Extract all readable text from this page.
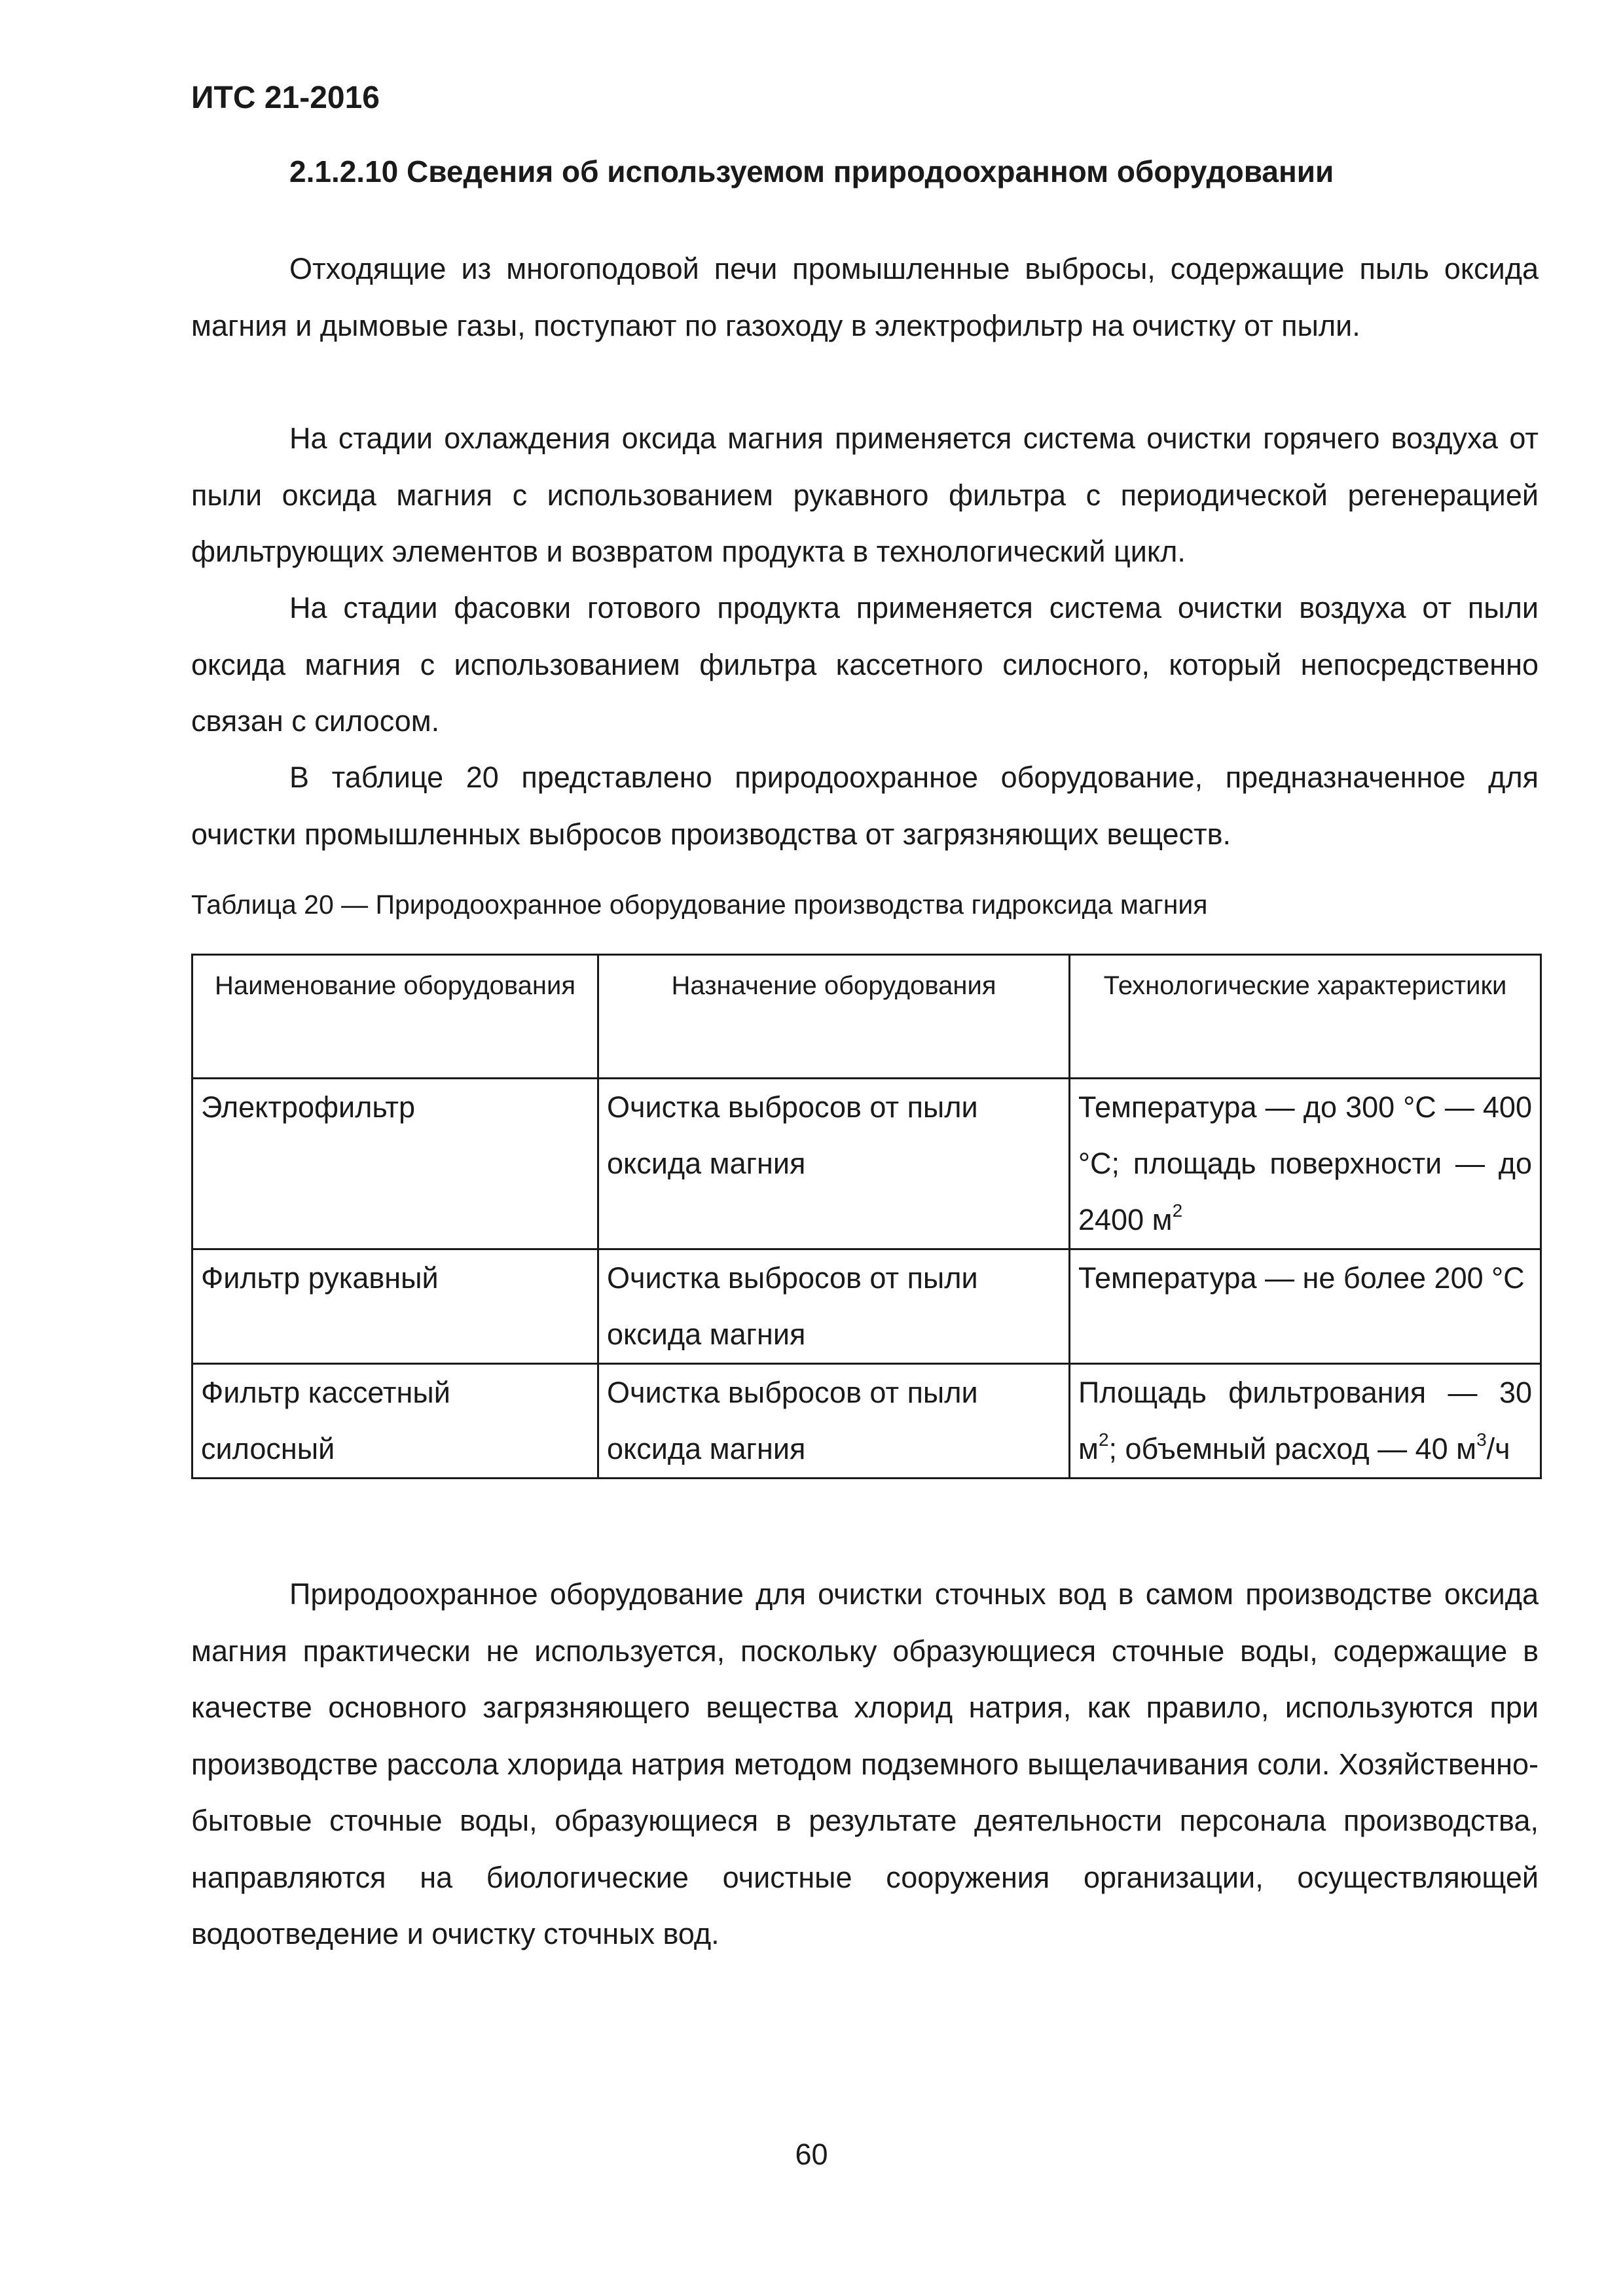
ИТС 21-2016

2.1.2.10 Сведения об используемом природоохранном оборудовании

Отходящие из многоподовой печи промышленные выбросы, содержащие пыль оксида магния и дымовые газы, поступают по газоходу в электрофильтр на очистку от пыли.

На стадии охлаждения оксида магния применяется система очистки горячего воздуха от пыли оксида магния с использованием рукавного фильтра с периодической регенерацией фильтрующих элементов и возвратом продукта в технологический цикл.

На стадии фасовки готового продукта применяется система очистки воздуха от пыли оксида магния с использованием фильтра кассетного силосного, который непосредственно связан с силосом.

В таблице 20 представлено природоохранное оборудование, предназначенное для очистки промышленных выбросов производства от загрязняющих веществ.

Таблица 20 — Природоохранное оборудование производства гидроксида магния

Наименование оборудования	Назначение оборудования	Технологические характеристики
Электрофильтр	Очистка выбросов от пыли оксида магния	Температура — до 300 °С — 400 °С; площадь поверхности — до 2400 $м^2$
Фильтр рукавный	Очистка выбросов от пыли оксида магния	Температура — не более 200 °С
Фильтр кассетный силосный	Очистка выбросов от пыли оксида магния	Площадь фильтрования — 30 $м^2$; объемный расход — 40 $м^3/ч$

Природоохранное оборудование для очистки сточных вод в самом производстве оксида магния практически не используется, поскольку образующиеся сточные воды, содержащие в качестве основного загрязняющего вещества хлорид натрия, как правило, используются при производстве рассола хлорида натрия методом подземного выщелачивания соли. Хозяйственно-бытовые сточные воды, образующиеся в результате деятельности персонала производства, направляются на биологические очистные сооружения организации, осуществляющей водоотведение и очистку сточных вод.

60
